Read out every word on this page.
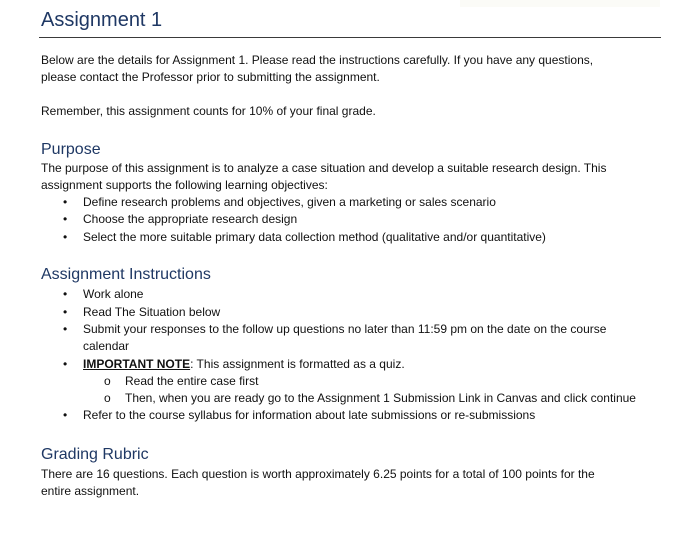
Assignment 1
Below are the details for Assignment 1. Please read the instructions carefully. If you have any questions,
please contact the Professor prior to submitting the assignment.
Remember, this assignment counts for 10% of your final grade.
Purpose
The purpose of this assignment is to analyze a case situation and develop a suitable research design. This
assignment supports the following learning objectives:
• Define research problems and objectives, given a marketing or sales scenario
• Choose the appropriate research design
• Select the more suitable primary data collection method (qualitative and/or quantitative)
Assignment Instructions
• Work alone
• Read The Situation below
• Submit your responses to the follow up questions no later than 11:59 pm on the date on the course
calendar
• IMPORTANT NOTE: This assignment is formatted as a quiz.
o Read the entire case first
o Then, when you are ready go to the Assignment 1 Submission Link in Canvas and click continue
• Refer to the course syllabus for information about late submissions or re-submissions
Grading Rubric
There are 16 questions. Each question is worth approximately 6.25 points for a total of 100 points for the
entire assignment.
